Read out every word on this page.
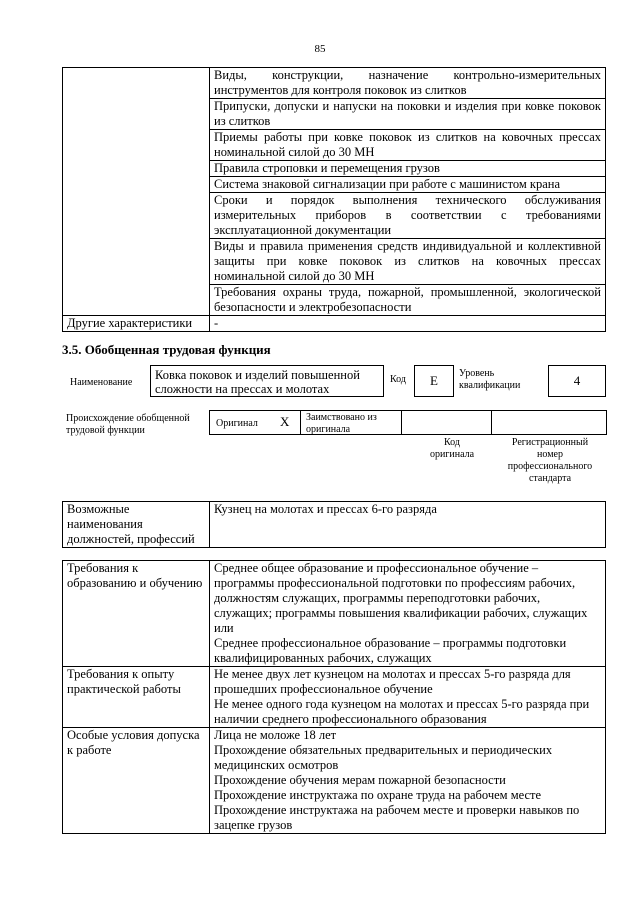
85
	Виды, конструкции, назначение контрольно-измерительных инструментов для контроля поковок из слитков
	Припуски, допуски и напуски на поковки и изделия при ковке поковок из слитков
	Приемы работы при ковке поковок из слитков на ковочных прессах номинальной силой до 30 МН
	Правила строповки и перемещения грузов
	Система знаковой сигнализации при работе с машинистом крана
	Сроки и порядок выполнения технического обслуживания измерительных приборов в соответствии с требованиями эксплуатационной документации
	Виды и правила применения средств индивидуальной и коллективной защиты при ковке поковок из слитков на ковочных прессах номинальной силой до 30 МН
	Требования охраны труда, пожарной, промышленной, экологической безопасности и электробезопасности
Другие характеристики	-
3.5. Обобщенная трудовая функция
Наименование
Ковка поковок и изделий повышенной сложности на прессах и молотах
Код	E	Уровень квалификации	4
Происхождение обобщенной трудовой функции
Оригинал X Заимствовано из оригинала
Код оригинала
Регистрационный номер профессионального стандарта
Возможные наименования должностей, профессий	Кузнец на молотах и прессах 6-го разряда
Требования к образованию и обучению	Среднее общее образование и профессиональное обучение – программы профессиональной подготовки по профессиям рабочих, должностям служащих, программы переподготовки рабочих, служащих; программы повышения квалификации рабочих, служащих или
Среднее профессиональное образование – программы подготовки квалифицированных рабочих, служащих

Требования к опыту практической работы	Не менее двух лет кузнецом на молотах и прессах 5-го разряда для прошедших профессиональное обучение
Не менее одного года кузнецом на молотах и прессах 5-го разряда при наличии среднего профессионального образования

Особые условия допуска к работе	Лица не моложе 18 лет
Прохождение обязательных предварительных и периодических медицинских осмотров
Прохождение обучения мерам пожарной безопасности
Прохождение инструктажа по охране труда на рабочем месте
Прохождение инструктажа на рабочем месте и проверки навыков по зацепке грузов
